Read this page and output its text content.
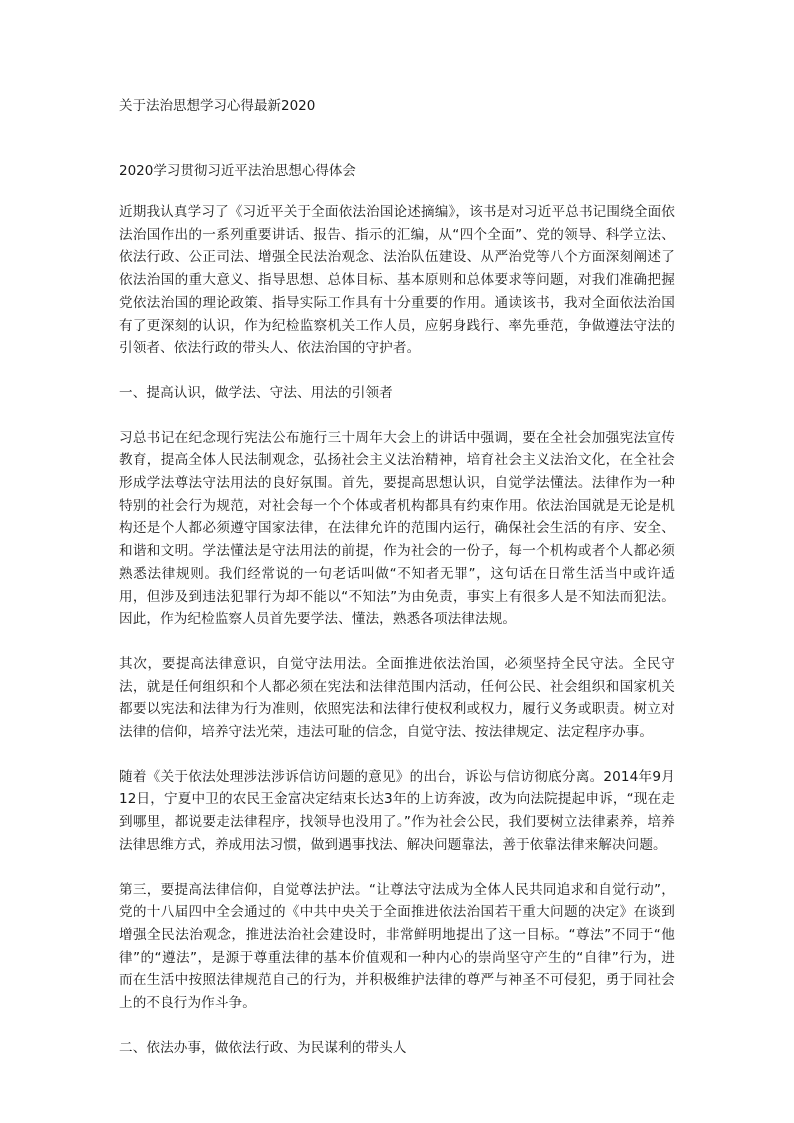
关于法治思想学习心得最新2020
2020学习贯彻习近平法治思想心得体会

近期我认真学习了《习近平关于全面依法治国论述摘编》，该书是对习近平总书记围绕全面依法治国作出的一系列重要讲话、报告、指示的汇编，从“四个全面”、党的领导、科学立法、依法行政、公正司法、增强全民法治观念、法治队伍建设、从严治党等八个方面深刻阐述了依法治国的重大意义、指导思想、总体目标、基本原则和总体要求等问题，对我们准确把握党依法治国的理论政策、指导实际工作具有十分重要的作用。通读该书，我对全面依法治国有了更深刻的认识，作为纪检监察机关工作人员，应躬身践行、率先垂范，争做遵法守法的引领者、依法行政的带头人、依法治国的守护者。

一、提高认识，做学法、守法、用法的引领者

习总书记在纪念现行宪法公布施行三十周年大会上的讲话中强调，要在全社会加强宪法宣传教育，提高全体人民法制观念，弘扬社会主义法治精神，培育社会主义法治文化，在全社会形成学法尊法守法用法的良好氛围。首先，要提高思想认识，自觉学法懂法。法律作为一种特别的社会行为规范，对社会每一个个体或者机构都具有约束作用。依法治国就是无论是机构还是个人都必须遵守国家法律，在法律允许的范围内运行，确保社会生活的有序、安全、和谐和文明。学法懂法是守法用法的前提，作为社会的一份子，每一个机构或者个人都必须熟悉法律规则。我们经常说的一句老话叫做“不知者无罪”，这句话在日常生活当中或许适用，但涉及到违法犯罪行为却不能以“不知法”为由免责，事实上有很多人是不知法而犯法。因此，作为纪检监察人员首先要学法、懂法，熟悉各项法律法规。

其次，要提高法律意识，自觉守法用法。全面推进依法治国，必须坚持全民守法。全民守法，就是任何组织和个人都必须在宪法和法律范围内活动，任何公民、社会组织和国家机关都要以宪法和法律为行为准则，依照宪法和法律行使权利或权力，履行义务或职责。树立对法律的信仰，培养守法光荣，违法可耻的信念，自觉守法、按法律规定、法定程序办事。

随着《关于依法处理涉法涉诉信访问题的意见》的出台，诉讼与信访彻底分离。2014年9月12日，宁夏中卫的农民王金富决定结束长达3年的上访奔波，改为向法院提起申诉，“现在走到哪里，都说要走法律程序，找领导也没用了。”作为社会公民，我们要树立法律素养，培养法律思维方式，养成用法习惯，做到遇事找法、解决问题靠法，善于依靠法律来解决问题。

第三，要提高法律信仰，自觉尊法护法。“让尊法守法成为全体人民共同追求和自觉行动”，党的十八届四中全会通过的《中共中央关于全面推进依法治国若干重大问题的决定》在谈到增强全民法治观念，推进法治社会建设时，非常鲜明地提出了这一目标。“尊法”不同于“他律”的“遵法”，是源于尊重法律的基本价值观和一种内心的崇尚坚守产生的“自律”行为，进而在生活中按照法律规范自己的行为，并积极维护法律的尊严与神圣不可侵犯，勇于同社会上的不良行为作斗争。

二、依法办事，做依法行政、为民谋利的带头人
